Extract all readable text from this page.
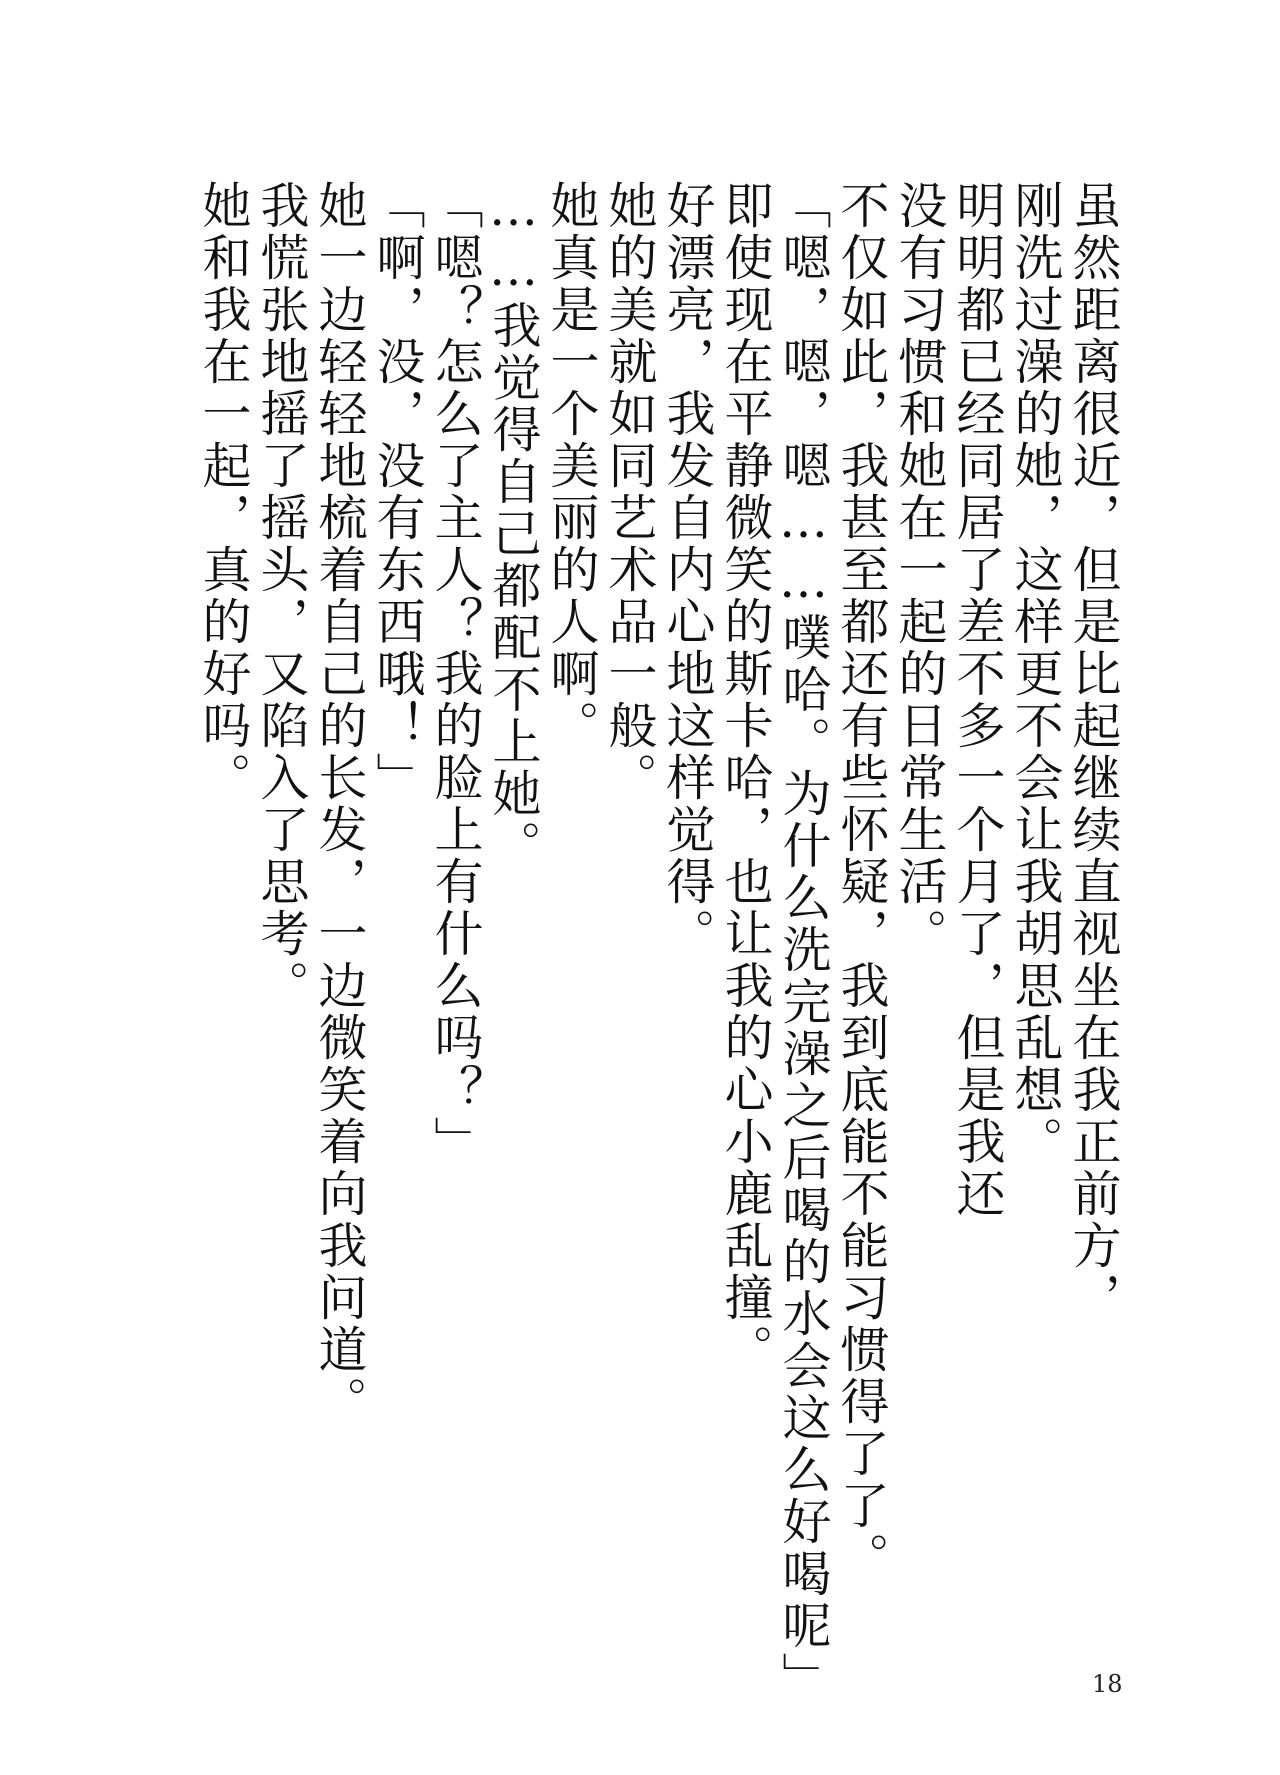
虽然距离很近，但是比起继续直视坐在我正前方，

刚洗过澡的她，这样更不会让我胡思乱想。

明明都已经同居了差不多一个月了，但是我还

没有习惯和她在一起的日常生活。

不仅如此，我甚至都还有些怀疑，我到底能不能习惯得了了。

「嗯，嗯，嗯……噗哈。为什么洗完澡之后喝的水会这么好喝呢」

即使现在平静微笑的斯卡哈，也让我的心小鹿乱撞。

好漂亮，我发自内心地这样觉得。

她的美就如同艺术品一般。

她真是一个美丽的人啊。

……我觉得自己都配不上她。

「嗯？怎么了主人？我的脸上有什么吗？」

「啊，没，没有东西哦！」

她一边轻轻地梳着自己的长发，一边微笑着向我问道。

我慌张地摇了摇头，又陷入了思考。

她和我在一起，真的好吗。

18
